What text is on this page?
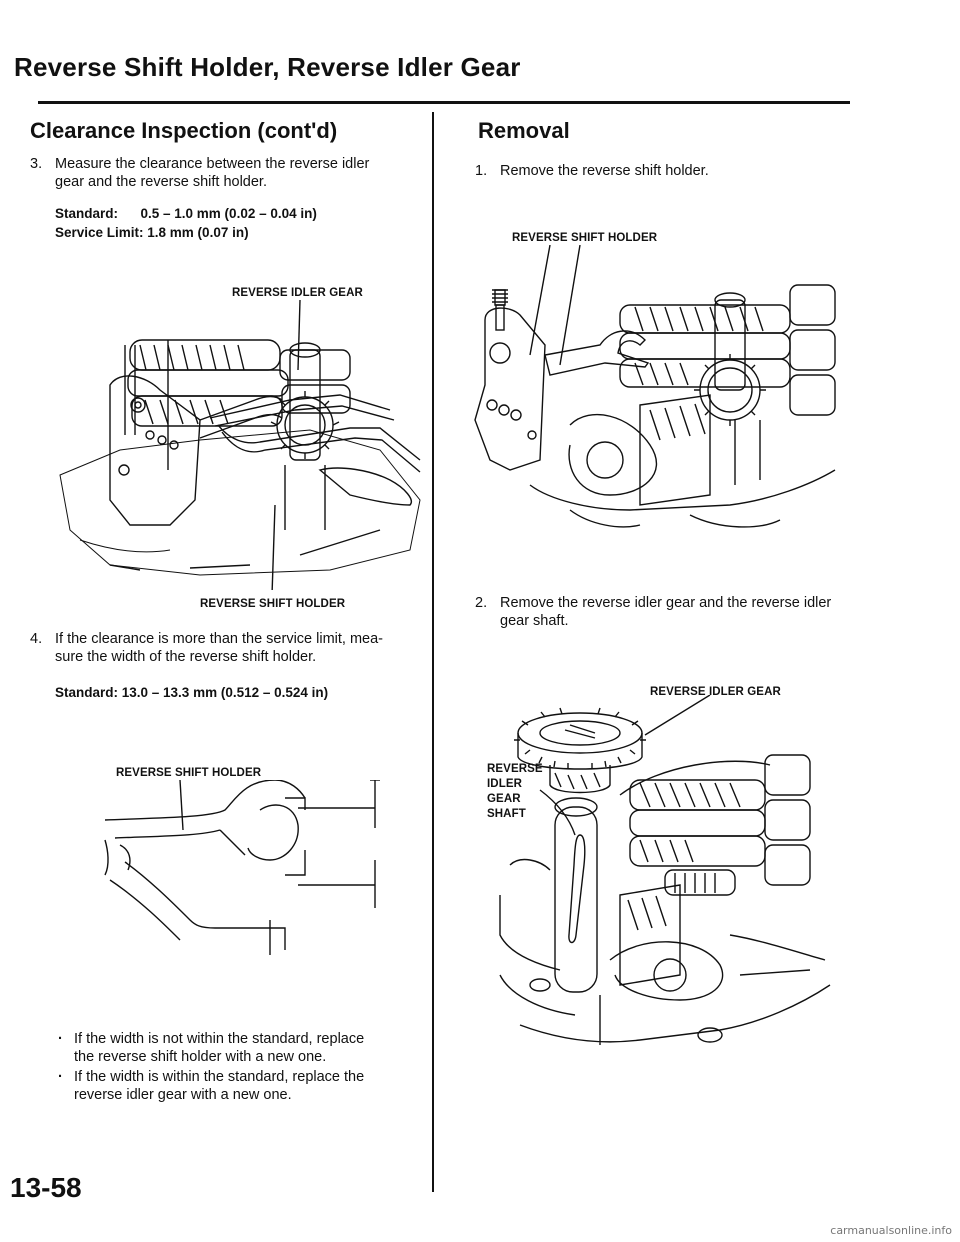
Reverse Shift Holder, Reverse Idler Gear
Clearance Inspection (cont'd)
3. Measure the clearance between the reverse idler
gear and the reverse shift holder.
Standard:      0.5 – 1.0 mm (0.02 – 0.04 in)
Service Limit: 1.8 mm (0.07 in)
REVERSE IDLER GEAR
REVERSE SHIFT HOLDER
4. If the clearance is more than the service limit, mea-
sure the width of the reverse shift holder.
Standard: 13.0 – 13.3 mm (0.512 – 0.524 in)
REVERSE SHIFT HOLDER
· If the width is not within the standard, replace
the reverse shift holder with a new one.
· If the width is within the standard, replace the
reverse idler gear with a new one.
13-58
Removal
1. Remove the reverse shift holder.
REVERSE SHIFT HOLDER
2. Remove the reverse idler gear and the reverse idler
gear shaft.
REVERSE IDLER GEAR
REVERSE
IDLER
GEAR
SHAFT
carmanualsonline.info
